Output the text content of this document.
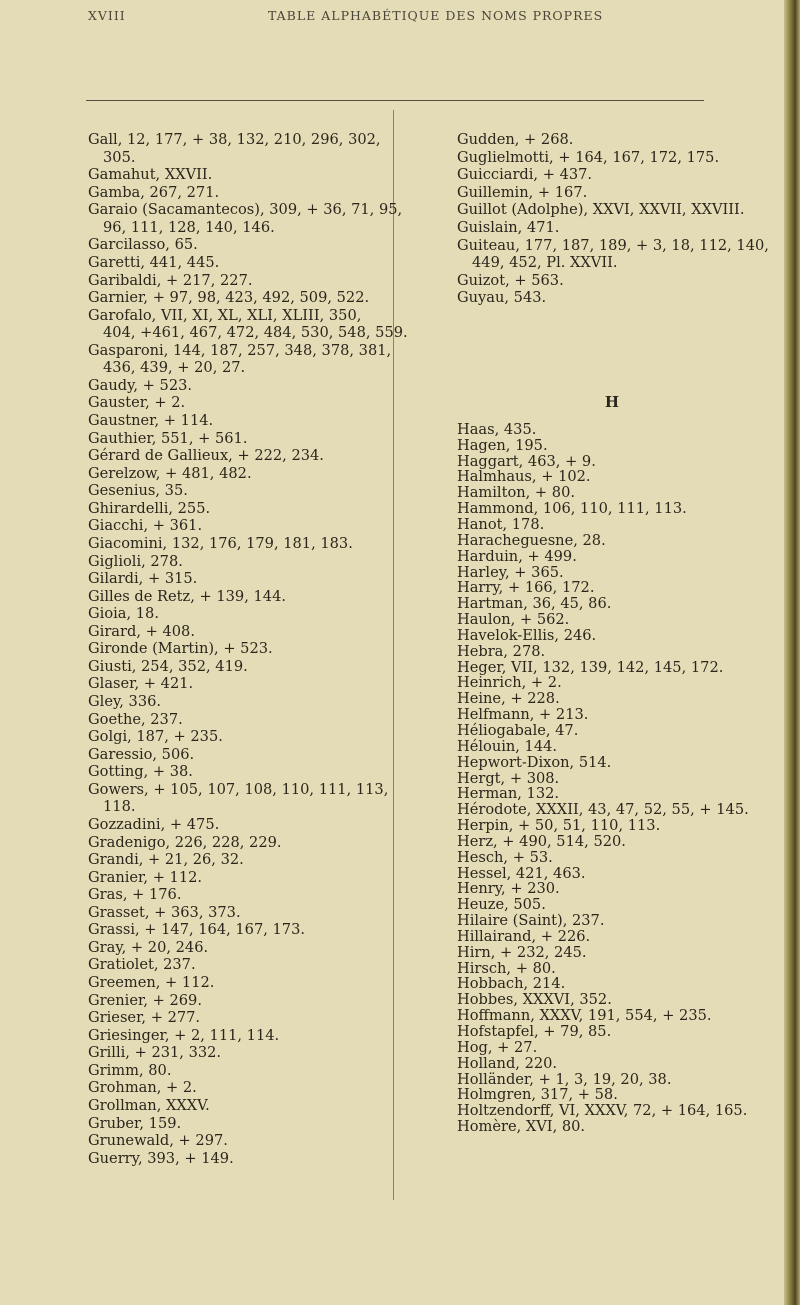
XVIII	TABLE ALPHABÉTIQUE DES NOMS PROPRES
Gall, 12, 177, + 38, 132, 210, 296, 302,
305.
Gamahut, XXVII.
Gamba, 267, 271.
Garaio (Sacamantecos), 309, + 36, 71, 95,
96, 111, 128, 140, 146.
Garcilasso, 65.
Garetti, 441, 445.
Garibaldi, + 217, 227.
Garnier, + 97, 98, 423, 492, 509, 522.
Garofalo, VII, XI, XL, XLI, XLIII, 350,
404, +461, 467, 472, 484, 530, 548, 559.
Gasparoni, 144, 187, 257, 348, 378, 381,
436, 439, + 20, 27.
Gaudy, + 523.
Gauster, + 2.
Gaustner, + 114.
Gauthier, 551, + 561.
Gérard de Gallieux, + 222, 234.
Gerelzow, + 481, 482.
Gesenius, 35.
Ghirardelli, 255.
Giacchi, + 361.
Giacomini, 132, 176, 179, 181, 183.
Giglioli, 278.
Gilardi, + 315.
Gilles de Retz, + 139, 144.
Gioia, 18.
Girard, + 408.
Gironde (Martin), + 523.
Giusti, 254, 352, 419.
Glaser, + 421.
Gley, 336.
Goethe, 237.
Golgi, 187, + 235.
Garessio, 506.
Gotting, + 38.
Gowers, + 105, 107, 108, 110, 111, 113,
118.
Gozzadini, + 475.
Gradenigo, 226, 228, 229.
Grandi, + 21, 26, 32.
Granier, + 112.
Gras, + 176.
Grasset, + 363, 373.
Grassi, + 147, 164, 167, 173.
Gray, + 20, 246.
Gratiolet, 237.
Greemen, + 112.
Grenier, + 269.
Grieser, + 277.
Griesinger, + 2, 111, 114.
Grilli, + 231, 332.
Grimm, 80.
Grohman, + 2.
Grollman, XXXV.
Gruber, 159.
Grunewald, + 297.
Guerry, 393, + 149.
Gudden, + 268.
Guglielmotti, + 164, 167, 172, 175.
Guicciardi, + 437.
Guillemin, + 167.
Guillot (Adolphe), XXVI, XXVII, XXVIII.
Guislain, 471.
Guiteau, 177, 187, 189, + 3, 18, 112, 140,
449, 452, Pl. XXVII.
Guizot, + 563.
Guyau, 543.
H
Haas, 435.
Hagen, 195.
Haggart, 463, + 9.
Halmhaus, + 102.
Hamilton, + 80.
Hammond, 106, 110, 111, 113.
Hanot, 178.
Haracheguesne, 28.
Harduin, + 499.
Harley, + 365.
Harry, + 166, 172.
Hartman, 36, 45, 86.
Haulon, + 562.
Havelok-Ellis, 246.
Hebra, 278.
Heger, VII, 132, 139, 142, 145, 172.
Heinrich, + 2.
Heine, + 228.
Helfmann, + 213.
Héliogabale, 47.
Hélouin, 144.
Hepwort-Dixon, 514.
Hergt, + 308.
Herman, 132.
Hérodote, XXXII, 43, 47, 52, 55, + 145.
Herpin, + 50, 51, 110, 113.
Herz, + 490, 514, 520.
Hesch, + 53.
Hessel, 421, 463.
Henry, + 230.
Heuze, 505.
Hilaire (Saint), 237.
Hillairand, + 226.
Hirn, + 232, 245.
Hirsch, + 80.
Hobbach, 214.
Hobbes, XXXVI, 352.
Hoffmann, XXXV, 191, 554, + 235.
Hofstapfel, + 79, 85.
Hog, + 27.
Holland, 220.
Holländer, + 1, 3, 19, 20, 38.
Holmgren, 317, + 58.
Holtzendorff, VI, XXXV, 72, + 164, 165.
Homère, XVI, 80.
